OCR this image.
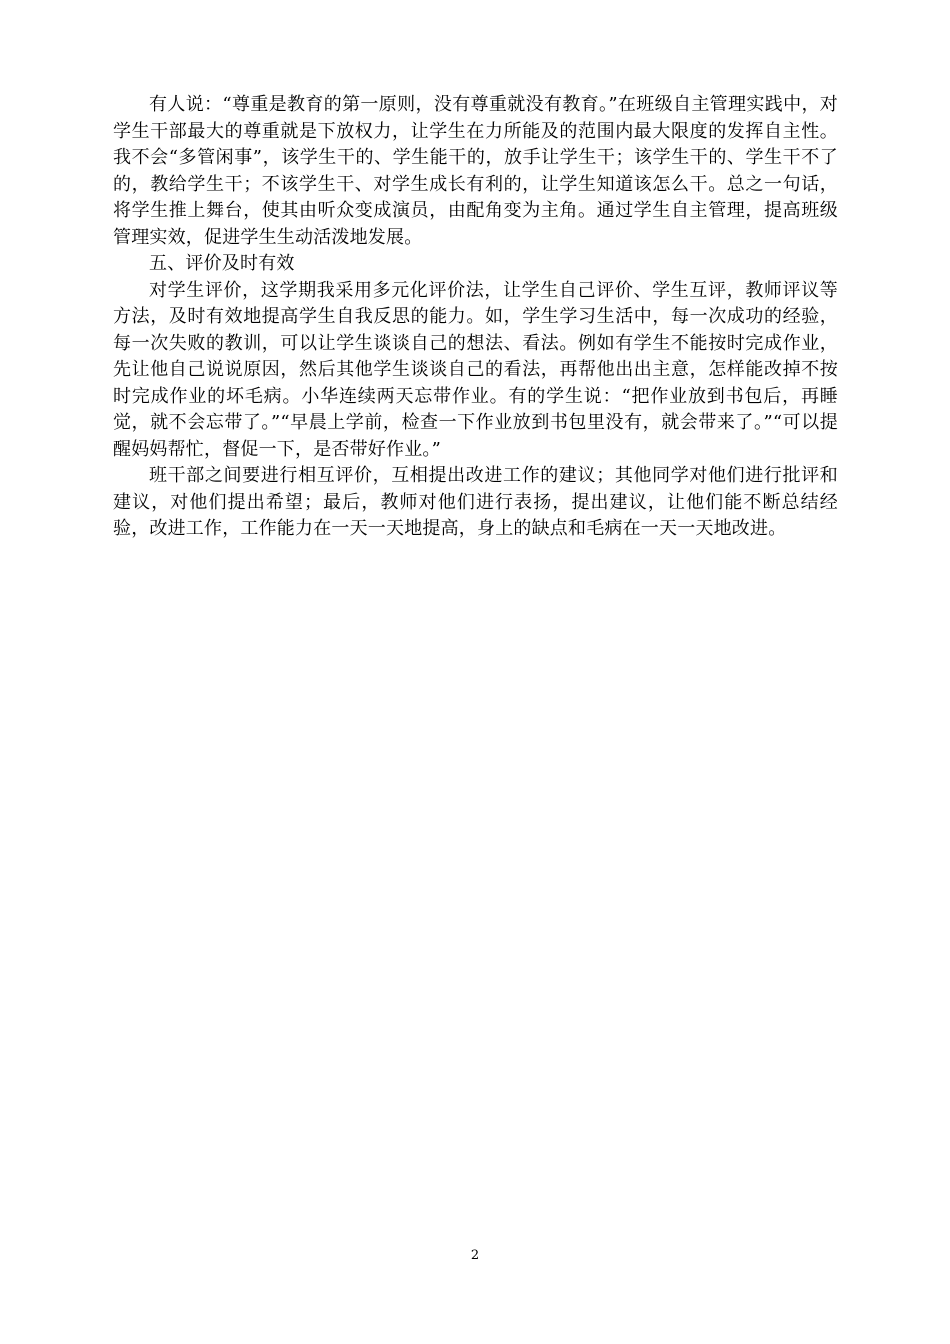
有人说：“尊重是教育的第一原则，没有尊重就没有教育。”在班级自主管理实践中，对学生干部最大的尊重就是下放权力，让学生在力所能及的范围内最大限度的发挥自主性。我不会“多管闲事”，该学生干的、学生能干的，放手让学生干；该学生干的、学生干不了的，教给学生干；不该学生干、对学生成长有利的，让学生知道该怎么干。总之一句话，将学生推上舞台，使其由听众变成演员，由配角变为主角。通过学生自主管理，提高班级管理实效，促进学生生动活泼地发展。

五、评价及时有效

对学生评价，这学期我采用多元化评价法，让学生自己评价、学生互评，教师评议等方法，及时有效地提高学生自我反思的能力。如，学生学习生活中，每一次成功的经验，每一次失败的教训，可以让学生谈谈自己的想法、看法。例如有学生不能按时完成作业，先让他自己说说原因，然后其他学生谈谈自己的看法，再帮他出出主意，怎样能改掉不按时完成作业的坏毛病。小华连续两天忘带作业。有的学生说：“把作业放到书包后，再睡觉，就不会忘带了。”“早晨上学前，检查一下作业放到书包里没有，就会带来了。”“可以提醒妈妈帮忙，督促一下，是否带好作业。”

班干部之间要进行相互评价，互相提出改进工作的建议；其他同学对他们进行批评和建议，对他们提出希望；最后，教师对他们进行表扬，提出建议，让他们能不断总结经验，改进工作，工作能力在一天一天地提高，身上的缺点和毛病在一天一天地改进。

2
